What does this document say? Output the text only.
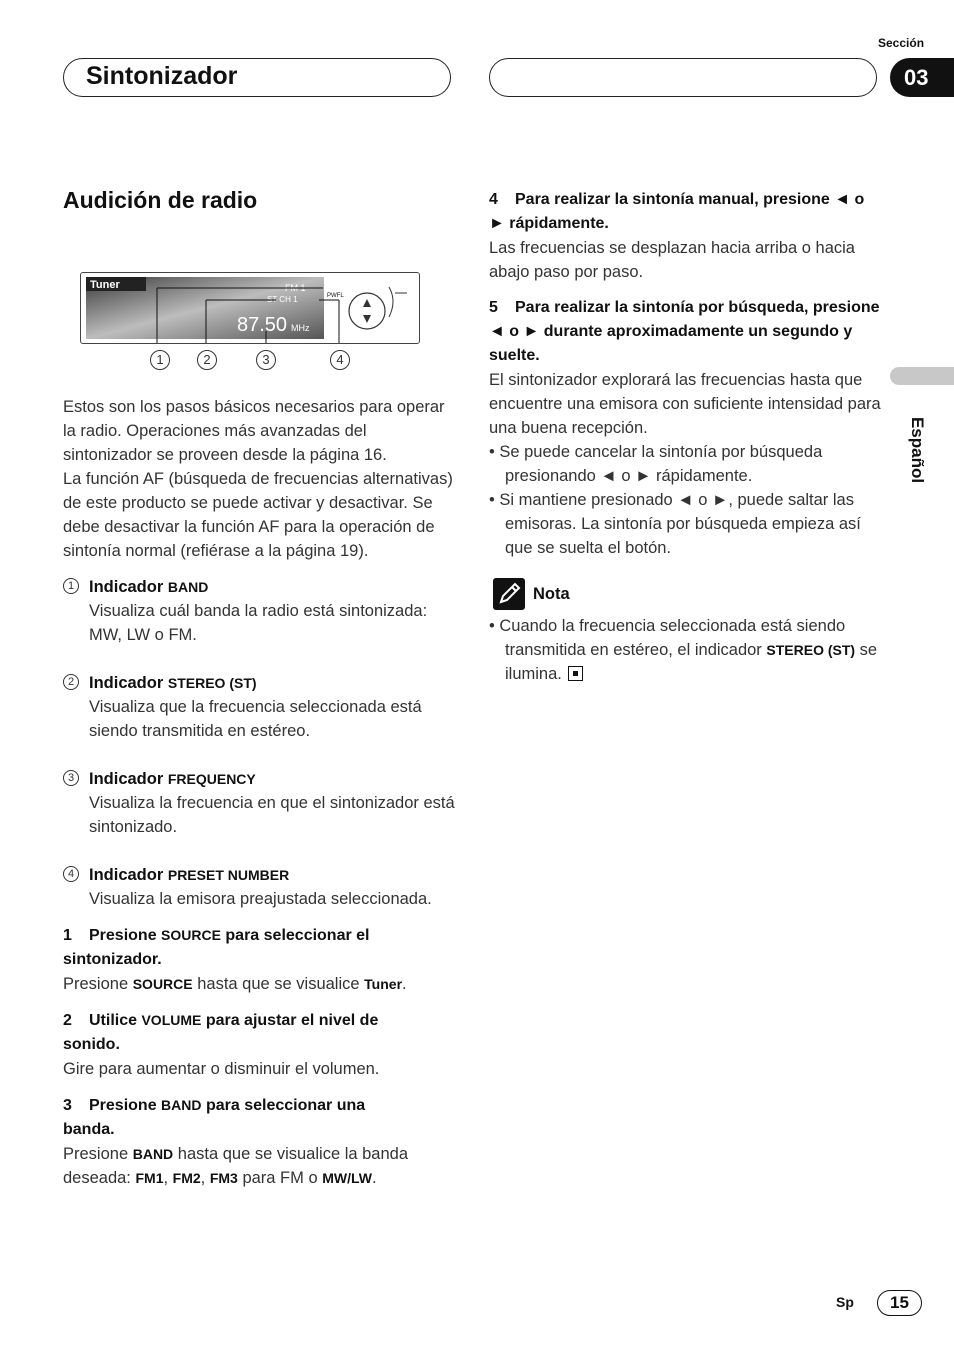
Sintonizador
Sección
03
Español
Audición de radio
Tuner	FM 1
ST CH 1
87.50 MHz
PWFL
1	2	3	4

Estos son los pasos básicos necesarios para operar la radio. Operaciones más avanzadas del sintonizador se proveen desde la página 16.

La función AF (búsqueda de frecuencias alternativas) de este producto se puede activar y desactivar. Se debe desactivar la función AF para la operación de sintonía normal (refiérase a la página 19).

1 Indicador BAND

Visualiza cuál banda la radio está sintonizada: MW, LW o FM.

2 Indicador STEREO (ST)

Visualiza que la frecuencia seleccionada está siendo transmitida en estéreo.

3 Indicador FREQUENCY

Visualiza la frecuencia en que el sintonizador está sintonizado.

4 Indicador PRESET NUMBER

Visualiza la emisora preajustada seleccionada.

1 Presione SOURCE para seleccionar el

sintonizador.

Presione SOURCE hasta que se visualice Tuner.

2 Utilice VOLUME para ajustar el nivel de

sonido.

Gire para aumentar o disminuir el volumen.

3 Presione BAND para seleccionar una

banda.

Presione BAND hasta que se visualice la banda deseada: FM1, FM2, FM3 para FM o MW/LW.

4 Para realizar la sintonía manual, presione ◄ o ► rápidamente.

Las frecuencias se desplazan hacia arriba o hacia abajo paso por paso.

5 Para realizar la sintonía por búsqueda, presione ◄ o ► durante aproximadamente un segundo y suelte.

El sintonizador explorará las frecuencias hasta que encuentre una emisora con suficiente intensidad para una buena recepción.

• Se puede cancelar la sintonía por búsqueda presionando ◄ o ► rápidamente.

• Si mantiene presionado ◄ o ►, puede saltar las emisoras. La sintonía por búsqueda empieza así que se suelta el botón.

Nota

• Cuando la frecuencia seleccionada está siendo transmitida en estéreo, el indicador STEREO (ST) se ilumina.

Sp	15
